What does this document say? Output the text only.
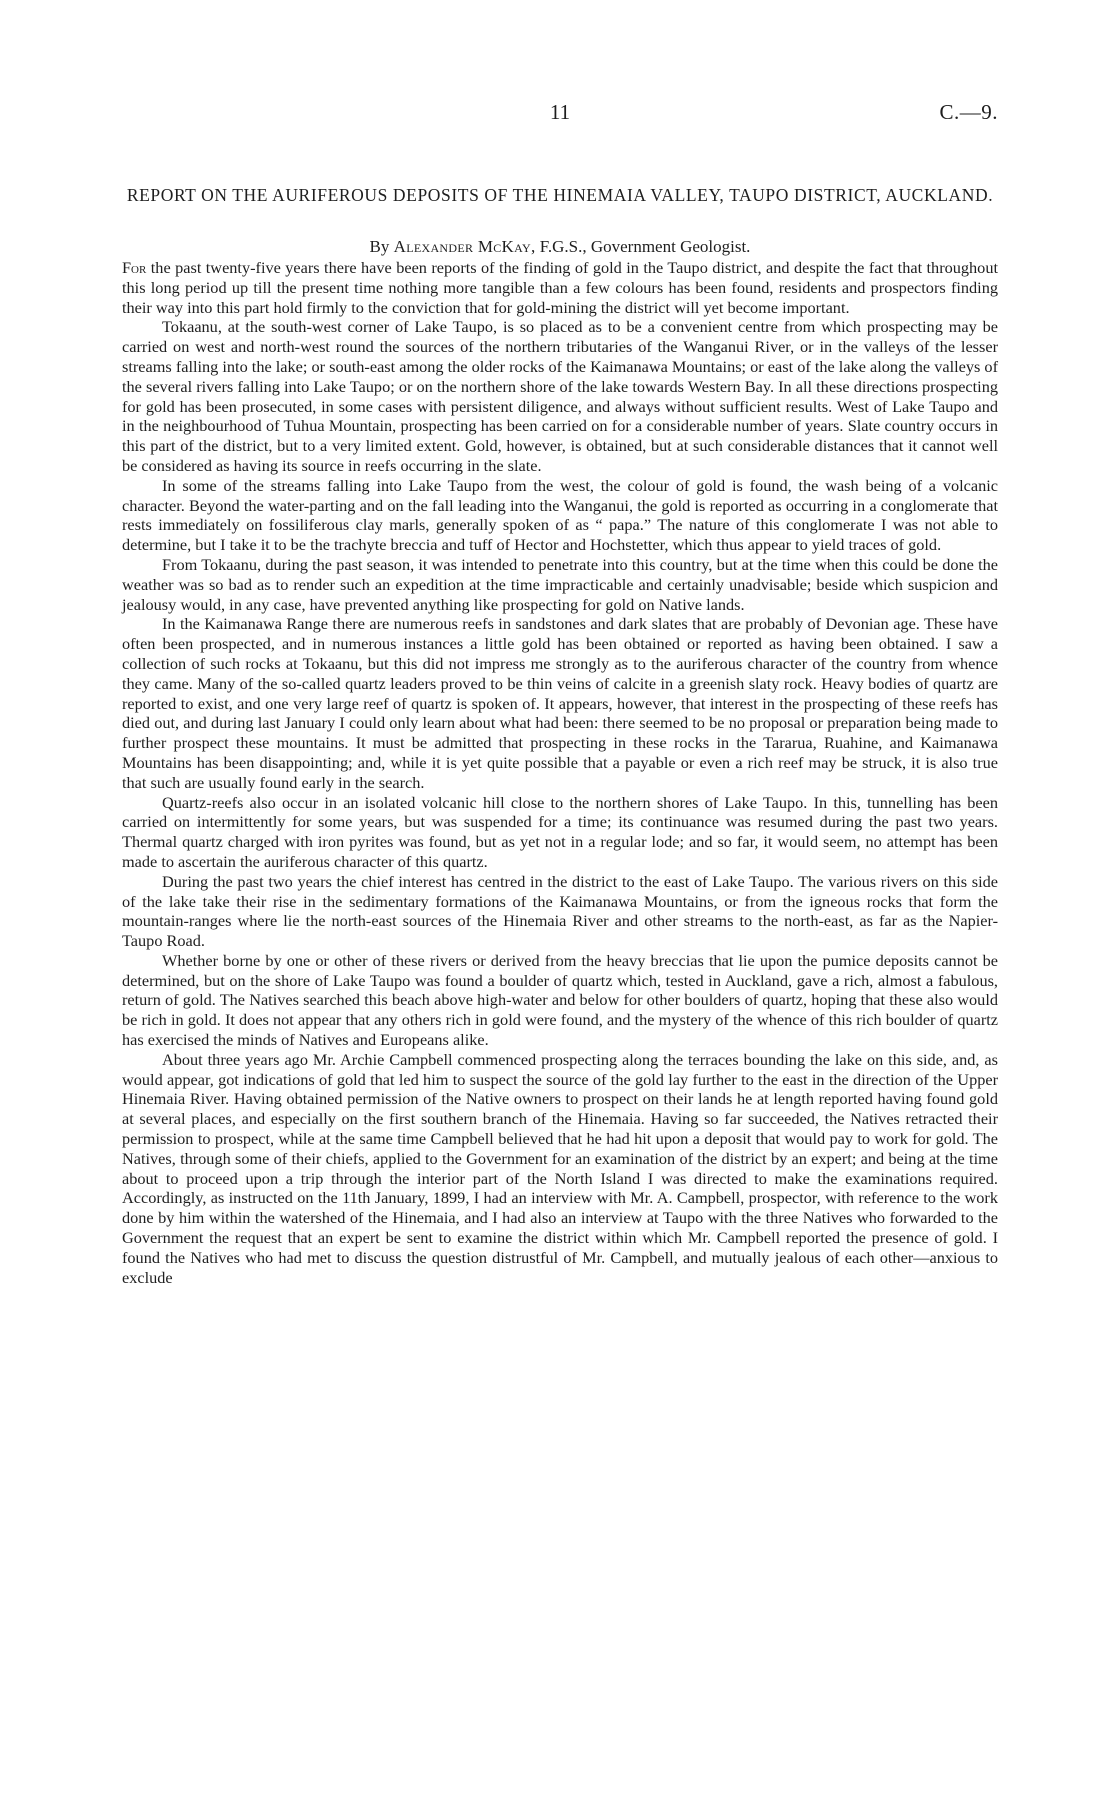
11	C.—9.
REPORT ON THE AURIFEROUS DEPOSITS OF THE HINEMAIA VALLEY, TAUPO DISTRICT, AUCKLAND.
By Alexander McKay, F.G.S., Government Geologist.

For the past twenty-five years there have been reports of the finding of gold in the Taupo district, and despite the fact that throughout this long period up till the present time nothing more tangible than a few colours has been found, residents and prospectors finding their way into this part hold firmly to the conviction that for gold-mining the district will yet become important.

Tokaanu, at the south-west corner of Lake Taupo, is so placed as to be a convenient centre from which prospecting may be carried on west and north-west round the sources of the northern tributaries of the Wanganui River, or in the valleys of the lesser streams falling into the lake; or south-east among the older rocks of the Kaimanawa Mountains; or east of the lake along the valleys of the several rivers falling into Lake Taupo; or on the northern shore of the lake towards Western Bay. In all these directions prospecting for gold has been prosecuted, in some cases with persistent diligence, and always without sufficient results. West of Lake Taupo and in the neighbourhood of Tuhua Mountain, prospecting has been carried on for a considerable number of years. Slate country occurs in this part of the district, but to a very limited extent. Gold, however, is obtained, but at such considerable distances that it cannot well be considered as having its source in reefs occurring in the slate.

In some of the streams falling into Lake Taupo from the west, the colour of gold is found, the wash being of a volcanic character. Beyond the water-parting and on the fall leading into the Wanganui, the gold is reported as occurring in a conglomerate that rests immediately on fossiliferous clay marls, generally spoken of as “ papa.” The nature of this conglomerate I was not able to determine, but I take it to be the trachyte breccia and tuff of Hector and Hochstetter, which thus appear to yield traces of gold.

From Tokaanu, during the past season, it was intended to penetrate into this country, but at the time when this could be done the weather was so bad as to render such an expedition at the time impracticable and certainly unadvisable; beside which suspicion and jealousy would, in any case, have prevented anything like prospecting for gold on Native lands.

In the Kaimanawa Range there are numerous reefs in sandstones and dark slates that are probably of Devonian age. These have often been prospected, and in numerous instances a little gold has been obtained or reported as having been obtained. I saw a collection of such rocks at Tokaanu, but this did not impress me strongly as to the auriferous character of the country from whence they came. Many of the so-called quartz leaders proved to be thin veins of calcite in a greenish slaty rock. Heavy bodies of quartz are reported to exist, and one very large reef of quartz is spoken of. It appears, however, that interest in the prospecting of these reefs has died out, and during last January I could only learn about what had been: there seemed to be no proposal or preparation being made to further prospect these mountains. It must be admitted that prospecting in these rocks in the Tararua, Ruahine, and Kaimanawa Mountains has been disappointing; and, while it is yet quite possible that a payable or even a rich reef may be struck, it is also true that such are usually found early in the search.

Quartz-reefs also occur in an isolated volcanic hill close to the northern shores of Lake Taupo. In this, tunnelling has been carried on intermittently for some years, but was suspended for a time; its continuance was resumed during the past two years. Thermal quartz charged with iron pyrites was found, but as yet not in a regular lode; and so far, it would seem, no attempt has been made to ascertain the auriferous character of this quartz.

During the past two years the chief interest has centred in the district to the east of Lake Taupo. The various rivers on this side of the lake take their rise in the sedimentary formations of the Kaimanawa Mountains, or from the igneous rocks that form the mountain-ranges where lie the north-east sources of the Hinemaia River and other streams to the north-east, as far as the Napier-Taupo Road.

Whether borne by one or other of these rivers or derived from the heavy breccias that lie upon the pumice deposits cannot be determined, but on the shore of Lake Taupo was found a boulder of quartz which, tested in Auckland, gave a rich, almost a fabulous, return of gold. The Natives searched this beach above high-water and below for other boulders of quartz, hoping that these also would be rich in gold. It does not appear that any others rich in gold were found, and the mystery of the whence of this rich boulder of quartz has exercised the minds of Natives and Europeans alike.

About three years ago Mr. Archie Campbell commenced prospecting along the terraces bounding the lake on this side, and, as would appear, got indications of gold that led him to suspect the source of the gold lay further to the east in the direction of the Upper Hinemaia River. Having obtained permission of the Native owners to prospect on their lands he at length reported having found gold at several places, and especially on the first southern branch of the Hinemaia. Having so far succeeded, the Natives retracted their permission to prospect, while at the same time Campbell believed that he had hit upon a deposit that would pay to work for gold. The Natives, through some of their chiefs, applied to the Government for an examination of the district by an expert; and being at the time about to proceed upon a trip through the interior part of the North Island I was directed to make the examinations required. Accordingly, as instructed on the 11th January, 1899, I had an interview with Mr. A. Campbell, prospector, with reference to the work done by him within the watershed of the Hinemaia, and I had also an interview at Taupo with the three Natives who forwarded to the Government the request that an expert be sent to examine the district within which Mr. Campbell reported the presence of gold. I found the Natives who had met to discuss the question distrustful of Mr. Campbell, and mutually jealous of each other—anxious to exclude
